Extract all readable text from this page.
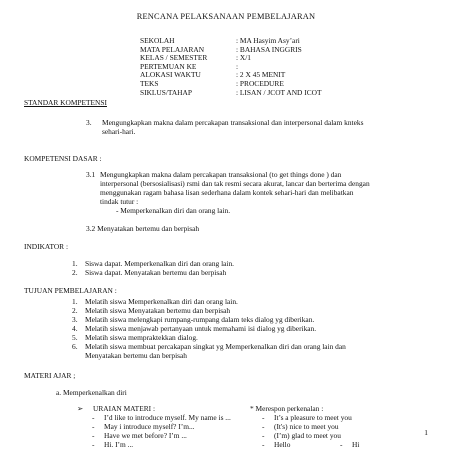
RENCANA PELAKSANAAN PEMBELAJARAN
SEKOLAH	: MA Hasyim Asy’ari
MATA PELAJARAN	: BAHASA INGGRIS
KELAS / SEMESTER	: X/1
PERTEMUAN KE	:
ALOKASI WAKTU	: 2 X 45 MENIT
TEKS	: PROCEDURE
SIKLUS/TAHAP	: LISAN / JCOT AND ICOT
STANDAR KOMPETENSI
3. Mengungkapkan makna dalam percakapan transaksional dan interpersonal dalam knteks
sehari-hari.
KOMPETENSI DASAR :
3.1 Mengungkapkan makna dalam percakapan transaksional (to get things done ) dan
interpersonal (bersosialisasi) rsmi dan tak resmi secara akurat, lancar dan berterima dengan
menggunakan ragam bahasa lisan sederhana dalam kontek sehari-hari dan melibatkan
tindak tutur :
- Memperkenalkan diri dan orang lain.
3.2 Menyatakan bertemu dan berpisah
INDIKATOR :
1.	Siswa dapat. Memperkenalkan diri dan orang lain.
2.	Siswa dapat. Menyatakan bertemu dan berpisah
TUJUAN PEMBELAJARAN :
1.	Melatih siswa Memperkenalkan diri dan orang lain.
2.	Melatih siswa Menyatakan bertemu dan berpisah
3.	Melatih siswa melengkapi rumpang-rumpang dalam teks dialog yg diberikan.
4.	Melatih siswa menjawab pertanyaan untuk memahami isi dialog yg diberikan.
5.	Melatih siswa mempraktekkan dialog.
6.	Melatih siswa membuat percakapan singkat yg Memperkenalkan diri dan orang lain dan
Menyatakan bertemu dan berpisah
MATERI AJAR ;
a. Memperkenalkan diri
➢ URAIAN MATERI :
- I’d like to introduce myself. My name is ...
- May i introduce myself? I’m...
- Have we met before? I’m ...
- Hi. I’m ...
* Merespon perkenalan :
- It’s a pleasure to meet you
- (It's) nice to meet you
- (I’m) glad to meet you
- Hello	- Hi
1
